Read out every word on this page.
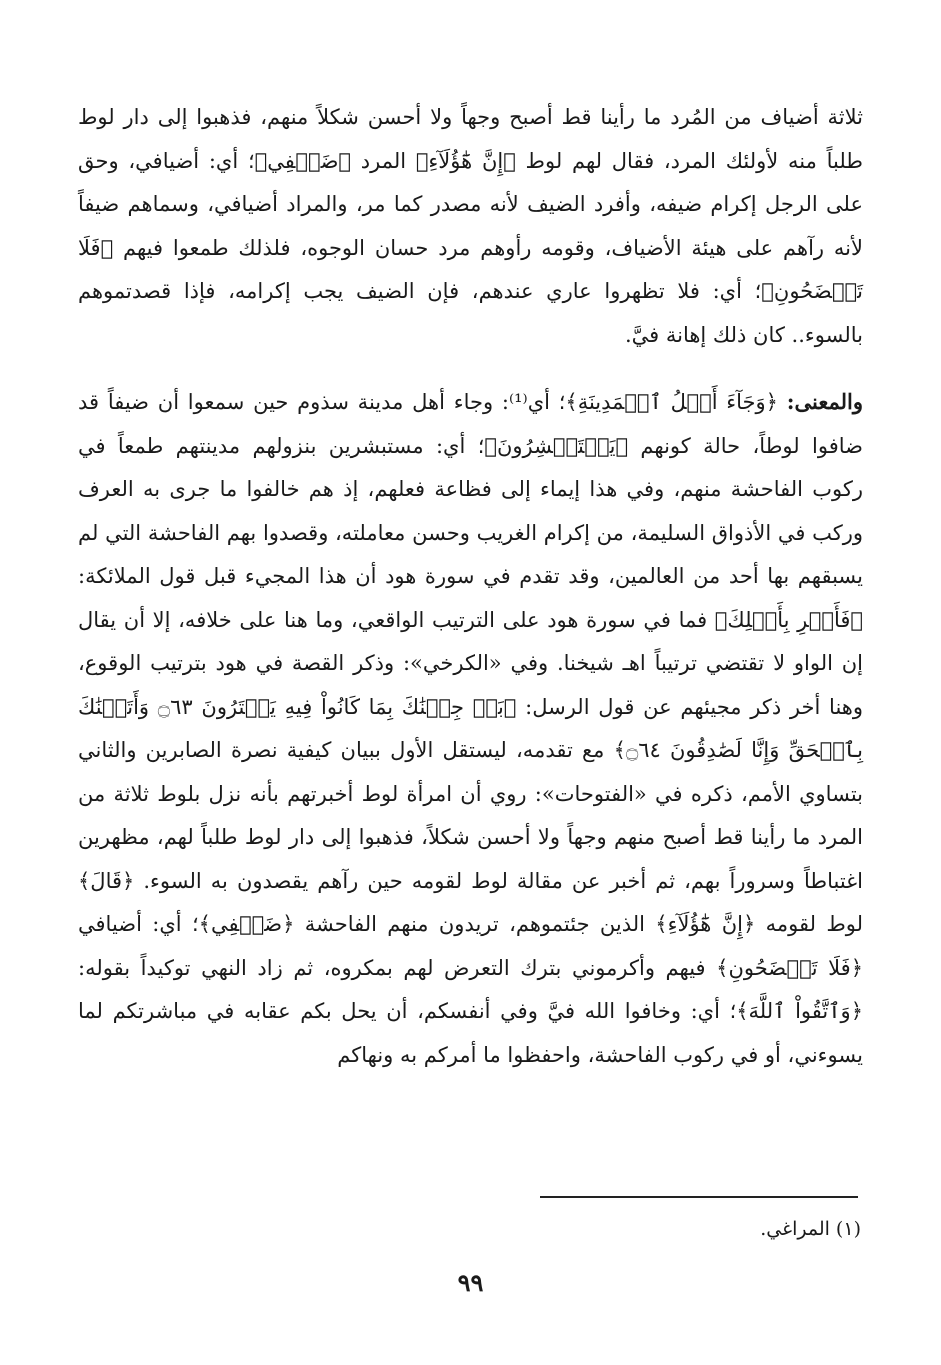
ثلاثة أضياف من المُرد ما رأينا قط أصبح وجهاً ولا أحسن شكلاً منهم، فذهبوا إلى دار لوط طلباً منه لأولئك المرد، فقال لهم لوط ﴿إِنَّ هَٰٓؤُلَآءِ﴾ المرد ﴿ضَيۡفِي﴾؛ أي: أضيافي، وحق على الرجل إكرام ضيفه، وأفرد الضيف لأنه مصدر كما مر، والمراد أضيافي، وسماهم ضيفاً لأنه رآهم على هيئة الأضياف، وقومه رأوهم مرد حسان الوجوه، فلذلك طمعوا فيهم ﴿فَلَا تَفۡضَحُونِ﴾؛ أي: فلا تظهروا عاري عندهم، فإن الضيف يجب إكرامه، فإذا قصدتموهم بالسوء.. كان ذلك إهانة فيَّ.

والمعنى: ﴿وَجَآءَ أَهۡلُ ٱلۡمَدِينَةِ﴾؛ أي⁽¹⁾: وجاء أهل مدينة سذوم حين سمعوا أن ضيفاً قد ضافوا لوطاً، حالة كونهم ﴿يَسۡتَبۡشِرُونَ﴾؛ أي: مستبشرين بنزولهم مدينتهم طمعاً في ركوب الفاحشة منهم، وفي هذا إيماء إلى فظاعة فعلهم، إذ هم خالفوا ما جرى به العرف وركب في الأذواق السليمة، من إكرام الغريب وحسن معاملته، وقصدوا بهم الفاحشة التي لم يسبقهم بها أحد من العالمين، وقد تقدم في سورة هود أن هذا المجيء قبل قول الملائكة: ﴿فَأَسۡرِ بِأَهۡلِكَ﴾ فما في سورة هود على الترتيب الواقعي، وما هنا على خلافه، إلا أن يقال إن الواو لا تقتضي ترتيباً اهـ شيخنا. وفي «الكرخي»: وذكر القصة في هود بترتيب الوقوع، وهنا أخر ذكر مجيئهم عن قول الرسل: ﴿بَلۡ جِئۡنَٰكَ بِمَا كَانُواْ فِيهِ يَمۡتَرُونَ ۝٦٣ وَأَتَيۡنَٰكَ بِٱلۡحَقِّ وَإِنَّا لَصَٰدِقُونَ ۝٦٤﴾ مع تقدمه، ليستقل الأول ببيان كيفية نصرة الصابرين والثاني بتساوي الأمم، ذكره في «الفتوحات»: روي أن امرأة لوط أخبرتهم بأنه نزل بلوط ثلاثة من المرد ما رأينا قط أصبح منهم وجهاً ولا أحسن شكلاً، فذهبوا إلى دار لوط طلباً لهم، مظهرين اغتباطاً وسروراً بهم، ثم أخبر عن مقالة لوط لقومه حين رآهم يقصدون به السوء. ﴿قَالَ﴾ لوط لقومه ﴿إِنَّ هَٰٓؤُلَآءِ﴾ الذين جئتموهم، تريدون منهم الفاحشة ﴿ضَيۡفِي﴾؛ أي: أضيافي ﴿فَلَا تَفۡضَحُونِ﴾ فيهم وأكرموني بترك التعرض لهم بمكروه، ثم زاد النهي توكيداً بقوله: ﴿وَٱتَّقُواْ ٱللَّهَ﴾؛ أي: وخافوا الله فيَّ وفي أنفسكم، أن يحل بكم عقابه في مباشرتكم لما يسوءني، أو في ركوب الفاحشة، واحفظوا ما أمركم به ونهاكم

(١) المراغي.
٩٩
